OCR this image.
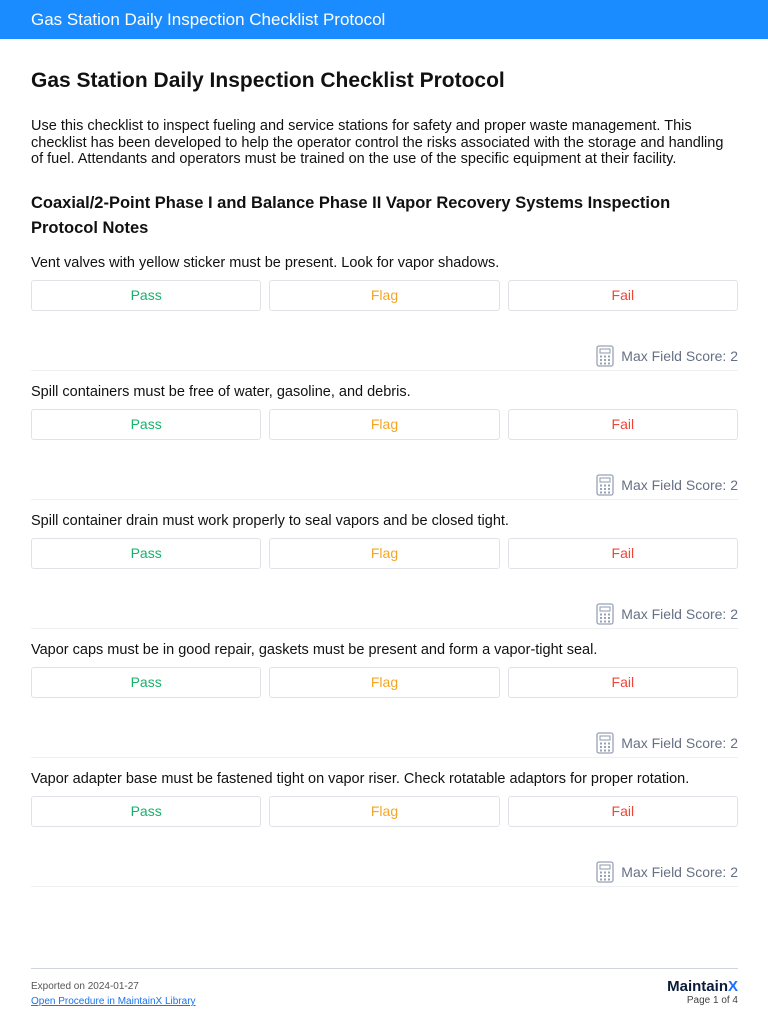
Gas Station Daily Inspection Checklist Protocol
Gas Station Daily Inspection Checklist Protocol

Use this checklist to inspect fueling and service stations for safety and proper waste management. This checklist has been developed to help the operator control the risks associated with the storage and handling of fuel. Attendants and operators must be trained on the use of the specific equipment at their facility.

Coaxial/2-Point Phase I and Balance Phase II Vapor Recovery Systems Inspection Protocol Notes
Vent valves with yellow sticker must be present. Look for vapor shadows.
Pass	Flag	Fail
Max Field Score: 2
Spill containers must be free of water, gasoline, and debris.
Pass	Flag	Fail
Max Field Score: 2
Spill container drain must work properly to seal vapors and be closed tight.
Pass	Flag	Fail
Max Field Score: 2
Vapor caps must be in good repair, gaskets must be present and form a vapor-tight seal.
Pass	Flag	Fail
Max Field Score: 2
Vapor adapter base must be fastened tight on vapor riser. Check rotatable adaptors for proper rotation.
Pass	Flag	Fail
Max Field Score: 2
Exported on 2024-01-27
Open Procedure in MaintainX Library
MaintainX
Page 1 of 4
